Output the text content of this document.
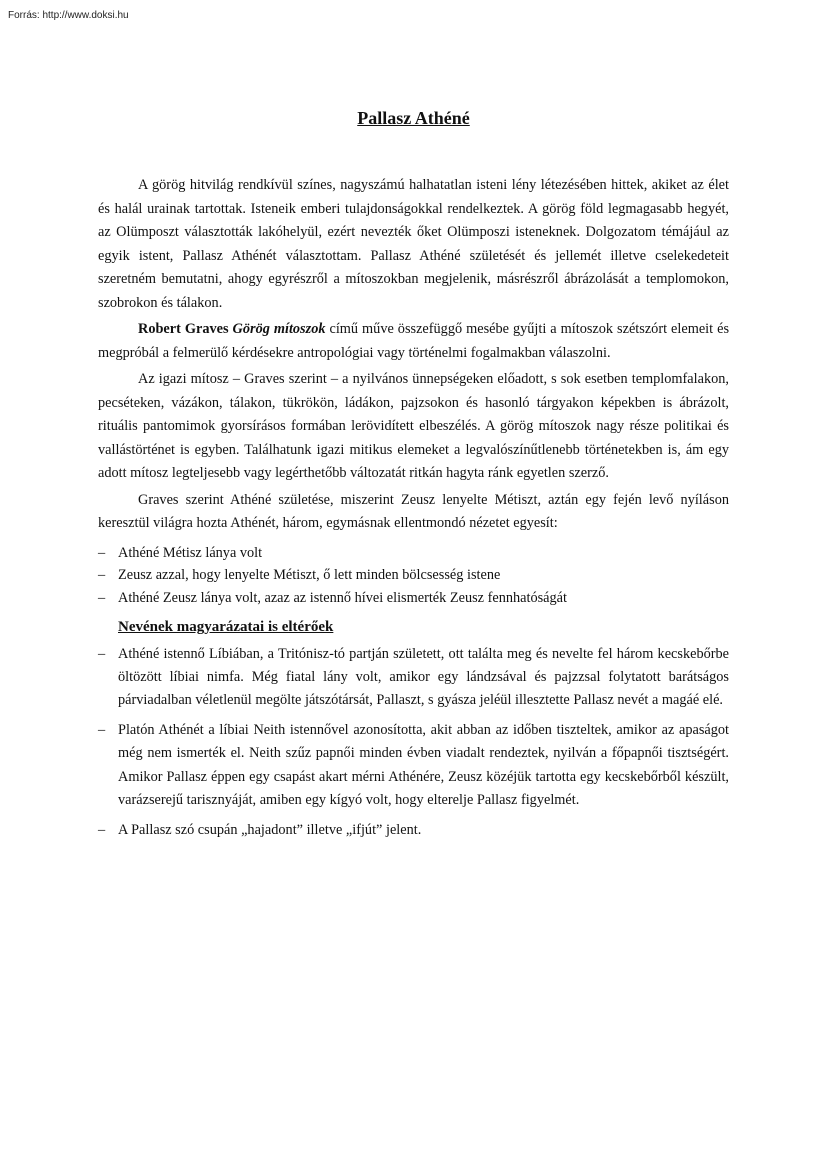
Forrás: http://www.doksi.hu
Pallasz Athéné

A görög hitvilág rendkívül színes, nagyszámú halhatatlan isteni lény létezésében hittek, akiket az élet és halál urainak tartottak. Isteneik emberi tulajdonságokkal rendelkeztek. A görög föld legmagasabb hegyét, az Olümposzt választották lakóhelyül, ezért nevezték őket Olümposzi isteneknek. Dolgozatom témájául az egyik istent, Pallasz Athénét választottam. Pallasz Athéné születését és jellemét illetve cselekedeteit szeretném bemutatni, ahogy egyrészről a mítoszokban megjelenik, másrészről ábrázolását a templomokon, szobrokon és tálakon.

Robert Graves Görög mítoszok című műve összefüggő mesébe gyűjti a mítoszok szétszórt elemeit és megpróbál a felmerülő kérdésekre antropológiai vagy történelmi fogalmakban válaszolni.

Az igazi mítosz – Graves szerint – a nyilvános ünnepségeken előadott, s sok esetben templomfalakon, pecséteken, vázákon, tálakon, tükrökön, ládákon, pajzsokon és hasonló tárgyakon képekben is ábrázolt, rituális pantomimok gyorsírásos formában lerövidített elbeszélés. A görög mítoszok nagy része politikai és vallástörténet is egyben. Találhatunk igazi mitikus elemeket a legvalószínűtlenebb történetekben is, ám egy adott mítosz legteljesebb vagy legérthetőbb változatát ritkán hagyta ránk egyetlen szerző.

Graves szerint Athéné születése, miszerint Zeusz lenyelte Métiszt, aztán egy fején levő nyíláson keresztül világra hozta Athénét, három, egymásnak ellentmondó nézetet egyesít:

– Athéné Métisz lánya volt
– Zeusz azzal, hogy lenyelte Métiszt, ő lett minden bölcsesség istene
– Athéné Zeusz lánya volt, azaz az istennő hívei elismerték Zeusz fennhatóságát
Nevének magyarázatai is eltérőek
– Athéné istennő Líbiában, a Tritónisz-tó partján született, ott találta meg és nevelte fel három kecskebőrbe öltözött líbiai nimfa. Még fiatal lány volt, amikor egy lándzsával és pajzzsal folytatott barátságos párviadalban véletlenül megölte játszótársát, Pallaszt, s gyásza jeléül illesztette Pallasz nevét a magáé elé.
– Platón Athénét a líbiai Neith istennővel azonosította, akit abban az időben tiszteltek, amikor az apaságot még nem ismerték el. Neith szűz papnői minden évben viadalt rendeztek, nyilván a főpapnői tisztségért. Amikor Pallasz éppen egy csapást akart mérni Athénére, Zeusz közéjük tartotta egy kecskebőrből készült, varázserejű tarisznyáját, amiben egy kígyó volt, hogy elterelje Pallasz figyelmét.
– A Pallasz szó csupán „hajadont” illetve „ifjút” jelent.
